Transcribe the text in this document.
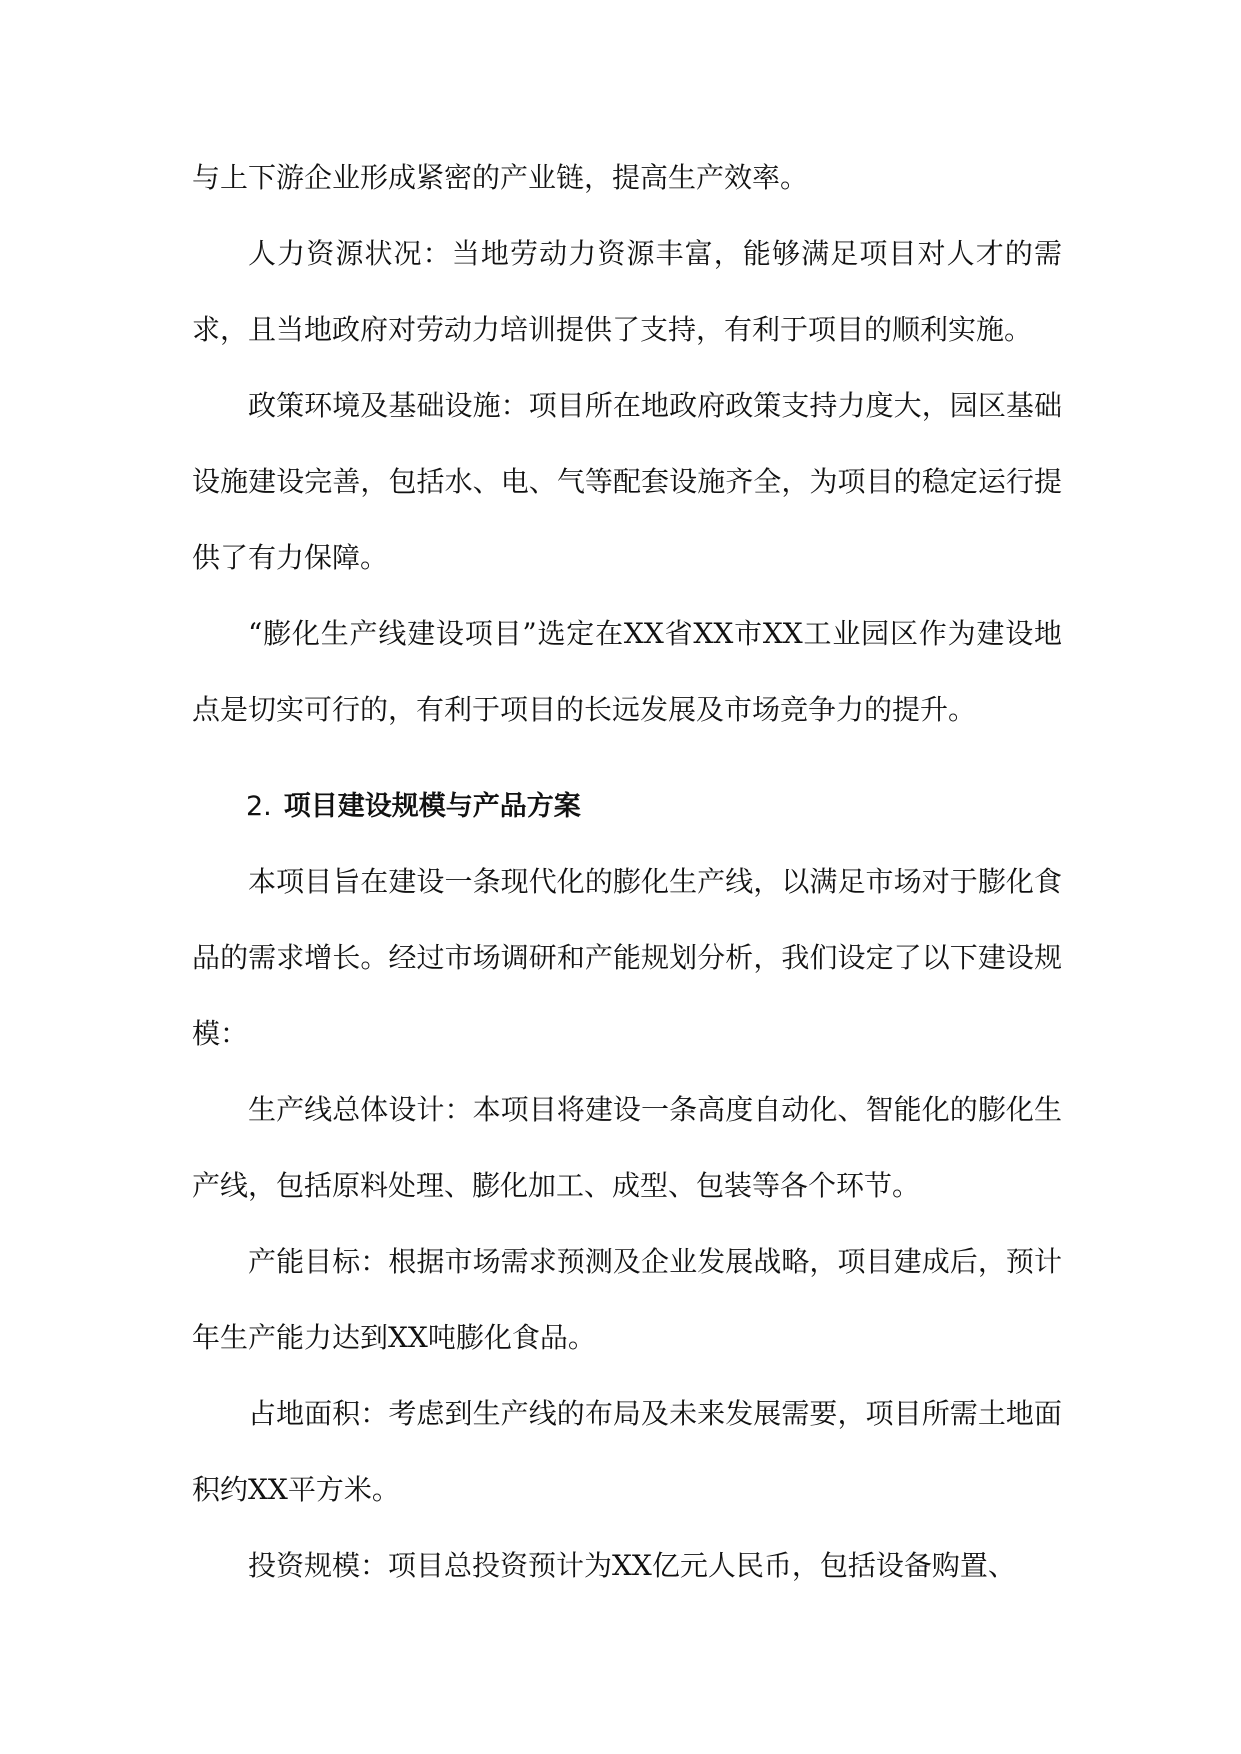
与上下游企业形成紧密的产业链，提高生产效率。

人力资源状况：当地劳动力资源丰富，能够满足项目对人才的需求，且当地政府对劳动力培训提供了支持，有利于项目的顺利实施。

政策环境及基础设施：项目所在地政府政策支持力度大，园区基础设施建设完善，包括水、电、气等配套设施齐全，为项目的稳定运行提供了有力保障。

“膨化生产线建设项目”选定在XX省XX市XX工业园区作为建设地点是切实可行的，有利于项目的长远发展及市场竞争力的提升。

2. 项目建设规模与产品方案

本项目旨在建设一条现代化的膨化生产线，以满足市场对于膨化食品的需求增长。经过市场调研和产能规划分析，我们设定了以下建设规模：

生产线总体设计：本项目将建设一条高度自动化、智能化的膨化生产线，包括原料处理、膨化加工、成型、包装等各个环节。

产能目标：根据市场需求预测及企业发展战略，项目建成后，预计年生产能力达到XX吨膨化食品。

占地面积：考虑到生产线的布局及未来发展需要，项目所需土地面积约XX平方米。

投资规模：项目总投资预计为XX亿元人民币，包括设备购置、
